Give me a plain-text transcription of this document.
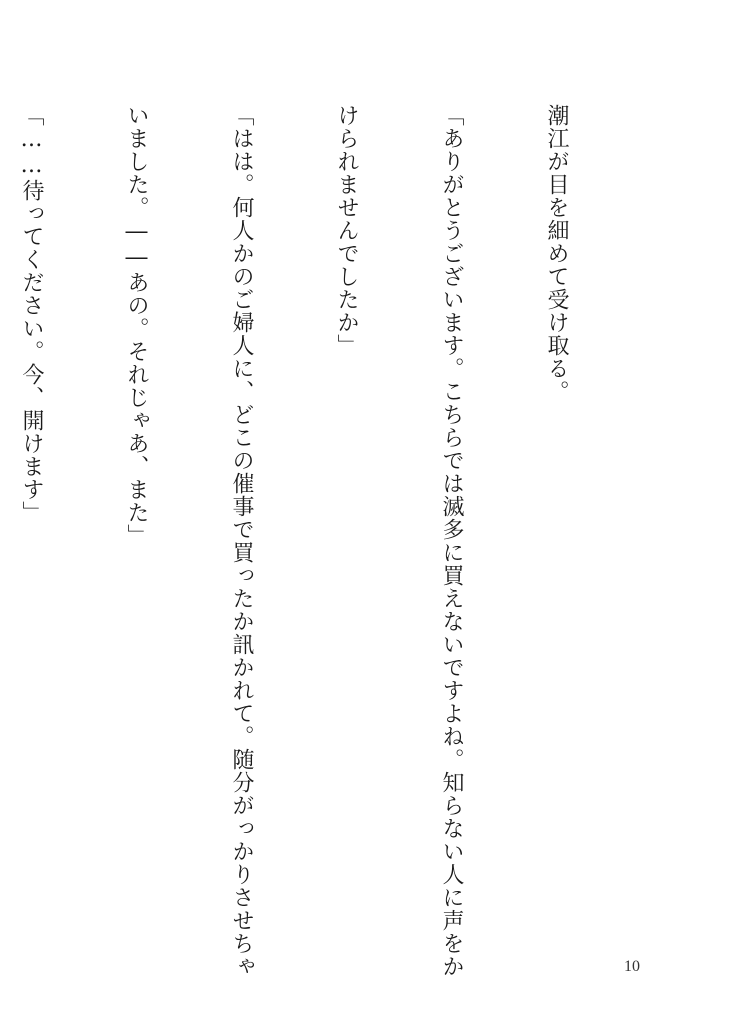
潮江が目を細めて受け取る。

「ありがとうございます。こちらでは滅多に買えないですよね。知らない人に声をか

けられませんでしたか」

「はは。何人かのご婦人に、どこの催事で買ったか訊かれて。随分がっかりさせちゃ

いました。――あの。それじゃあ、また」

「……待ってください。今、開けます」

10
